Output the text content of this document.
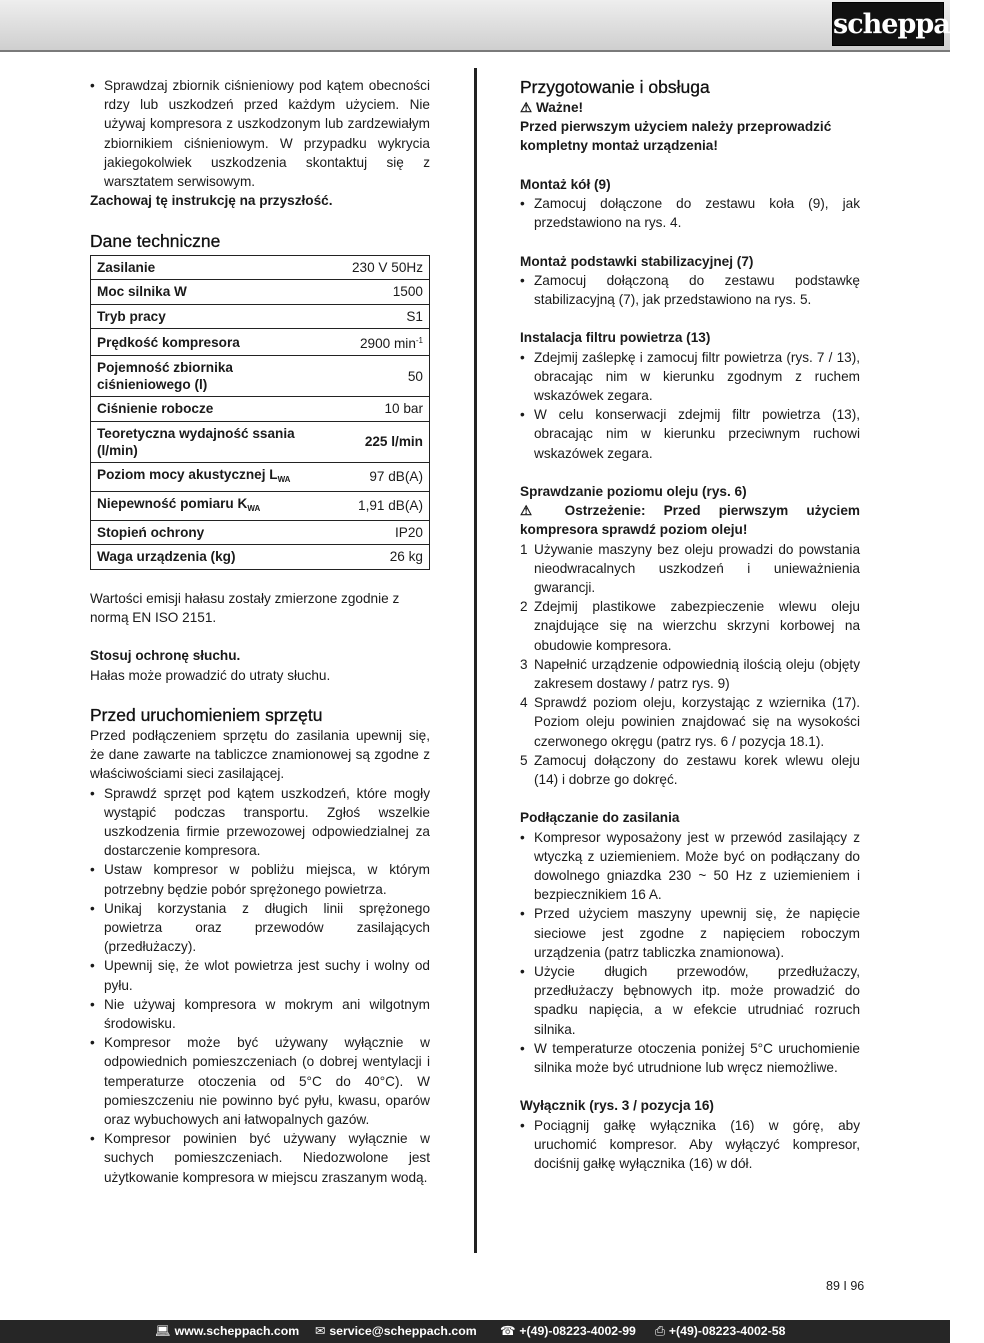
scheppach
• Sprawdzaj zbiornik ciśnieniowy pod kątem obecności rdzy lub uszkodzeń przed każdym użyciem. Nie używaj kompresora z uszkodzonym lub zardzewiałym zbiornikiem ciśnieniowym. W przypadku wykrycia jakiegokolwiek uszkodzenia skontaktuj się z warsztatem serwisowym.

Zachowaj tę instrukcję na przyszłość.

Dane techniczne
Zasilanie	230 V 50Hz
Moc silnika W	1500
Tryb pracy	S1
Prędkość kompresora	2900 $\min^{-1}$
Pojemność zbiornika ciśnieniowego (l)	50
Ciśnienie robocze	10 bar
Teoretyczna wydajność ssania (l/min)	225 l/min
Poziom mocy akustycznej $L_{WA}$	97 dB(A)
Niepewność pomiaru $K_{WA}$	1,91 dB(A)
Stopień ochrony	IP20
Waga urządzenia (kg)	26 kg

Wartości emisji hałasu zostały zmierzone zgodnie z normą EN ISO 2151.

Stosuj ochronę słuchu.

Hałas może prowadzić do utraty słuchu.

Przed uruchomieniem sprzętu

Przed podłączeniem sprzętu do zasilania upewnij się, że dane zawarte na tabliczce znamionowej są zgodne z właściwościami sieci zasilającej.

• Sprawdź sprzęt pod kątem uszkodzeń, które mogły wystąpić podczas transportu. Zgłoś wszelkie uszkodzenia firmie przewozowej odpowiedzialnej za dostarczenie kompresora.
• Ustaw kompresor w pobliżu miejsca, w którym potrzebny będzie pobór sprężonego powietrza.
• Unikaj korzystania z długich linii sprężonego powietrza oraz przewodów zasilających (przedłużaczy).
• Upewnij się, że wlot powietrza jest suchy i wolny od pyłu.
• Nie używaj kompresora w mokrym ani wilgotnym środowisku.
• Kompresor może być używany wyłącznie w odpowiednich pomieszczeniach (o dobrej wentylacji i temperaturze otoczenia od 5°C do 40°C). W pomieszczeniu nie powinno być pyłu, kwasu, oparów oraz wybuchowych ani łatwopalnych gazów.
• Kompresor powinien być używany wyłącznie w suchych pomieszczeniach. Niedozwolone jest użytkowanie kompresora w miejscu zraszanym wodą.
Przygotowanie i obsługa

⚠ Ważne!

Przed pierwszym użyciem należy przeprowadzić kompletny montaż urządzenia!

Montaż kół (9)

• Zamocuj dołączone do zestawu koła (9), jak przedstawiono na rys. 4.

Montaż podstawki stabilizacyjnej (7)

• Zamocuj dołączoną do zestawu podstawkę stabilizacyjną (7), jak przedstawiono na rys. 5.

Instalacja filtru powietrza (13)

• Zdejmij zaślepkę i zamocuj filtr powietrza (rys. 7 / 13), obracając nim w kierunku zgodnym z ruchem wskazówek zegara.
• W celu konserwacji zdejmij filtr powietrza (13), obracając nim w kierunku przeciwnym ruchowi wskazówek zegara.

Sprawdzanie poziomu oleju (rys. 6)

⚠ Ostrzeżenie: Przed pierwszym użyciem kompresora sprawdź poziom oleju!

1 Używanie maszyny bez oleju prowadzi do powstania nieodwracalnych uszkodzeń i unieważnienia gwarancji.
2 Zdejmij plastikowe zabezpieczenie wlewu oleju znajdujące się na wierzchu skrzyni korbowej na obudowie kompresora.
3 Napełnić urządzenie odpowiednią ilością oleju (objęty zakresem dostawy / patrz rys. 9)
4 Sprawdź poziom oleju, korzystając z wziernika (17). Poziom oleju powinien znajdować się na wysokości czerwonego okręgu (patrz rys. 6 / pozycja 18.1).
5 Zamocuj dołączony do zestawu korek wlewu oleju (14) i dobrze go dokręć.

Podłączanie do zasilania

• Kompresor wyposażony jest w przewód zasilający z wtyczką z uziemieniem. Może być on podłączany do dowolnego gniazdka 230 ~ 50 Hz z uziemieniem i bezpiecznikiem 16 A.
• Przed użyciem maszyny upewnij się, że napięcie sieciowe jest zgodne z napięciem roboczym urządzenia (patrz tabliczka znamionowa).
• Użycie długich przewodów, przedłużaczy, przedłużaczy bębnowych itp. może prowadzić do spadku napięcia, a w efekcie utrudniać rozruch silnika.
• W temperaturze otoczenia poniżej 5°C uruchomienie silnika może być utrudnione lub wręcz niemożliwe.

Wyłącznik (rys. 3 / pozycja 16)

• Pociągnij gałkę wyłącznika (16) w górę, aby uruchomić kompresor. Aby wyłączyć kompresor, dociśnij gałkę wyłącznika (16) w dół.
89 I 96
💻︎ www.scheppach.com ✉︎ service@scheppach.com ☎︎ +(49)-08223-4002-99 ⎙︎ +(49)-08223-4002-58
